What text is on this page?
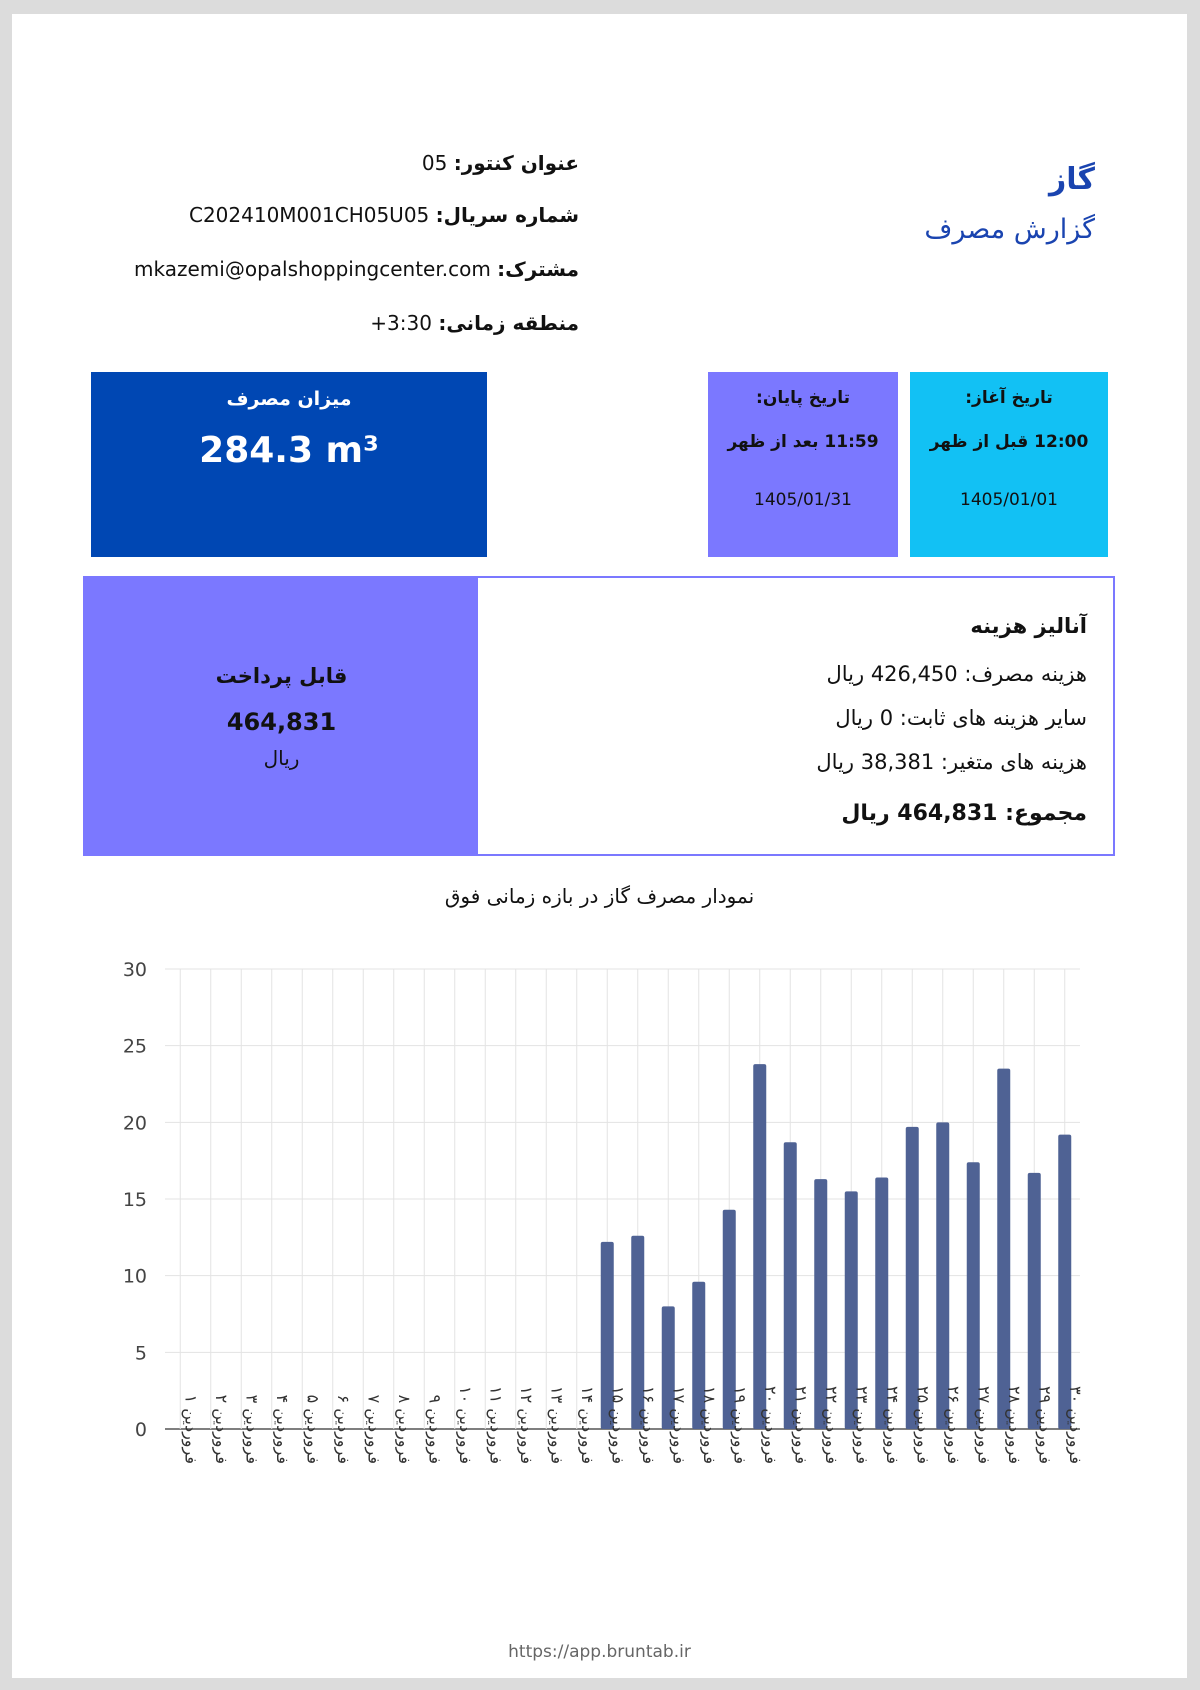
گاز
گزارش مصرف
عنوان کنتور: 05
شماره سریال: C202410M001CH05U05
مشترک: mkazemi@opalshoppingcenter.com
منطقه زمانی: +3:30
میزان مصرف
284.3 m³
تاریخ پایان:
11:59 بعد از ظهر
1405/01/31
تاریخ آغاز:
12:00 قبل از ظهر
1405/01/01
قابل پرداخت
464,831
ریال
آنالیز هزینه
هزینه مصرف: 426,450 ریال
سایر هزینه های ثابت: 0 ریال
هزینه های متغیر: 38,381 ریال
مجموع: 464,831 ریال
نمودار مصرف گاز در بازه زمانی فوق
0
5
10
15
20
25
30
فروردین ۱
فروردین ۲
فروردین ۳
فروردین ۴
فروردین ۵
فروردین ۶
فروردین ۷
فروردین ۸
فروردین ۹
فروردین ۱۰
فروردین ۱۱
فروردین ۱۲
فروردین ۱۳
فروردین ۱۴
فروردین ۱۵
فروردین ۱۶
فروردین ۱۷
فروردین ۱۸
فروردین ۱۹
فروردین ۲۰
فروردین ۲۱
فروردین ۲۲
فروردین ۲۳
فروردین ۲۴
فروردین ۲۵
فروردین ۲۶
فروردین ۲۷
فروردین ۲۸
فروردین ۲۹
فروردین ۳۰
https://app.bruntab.ir
